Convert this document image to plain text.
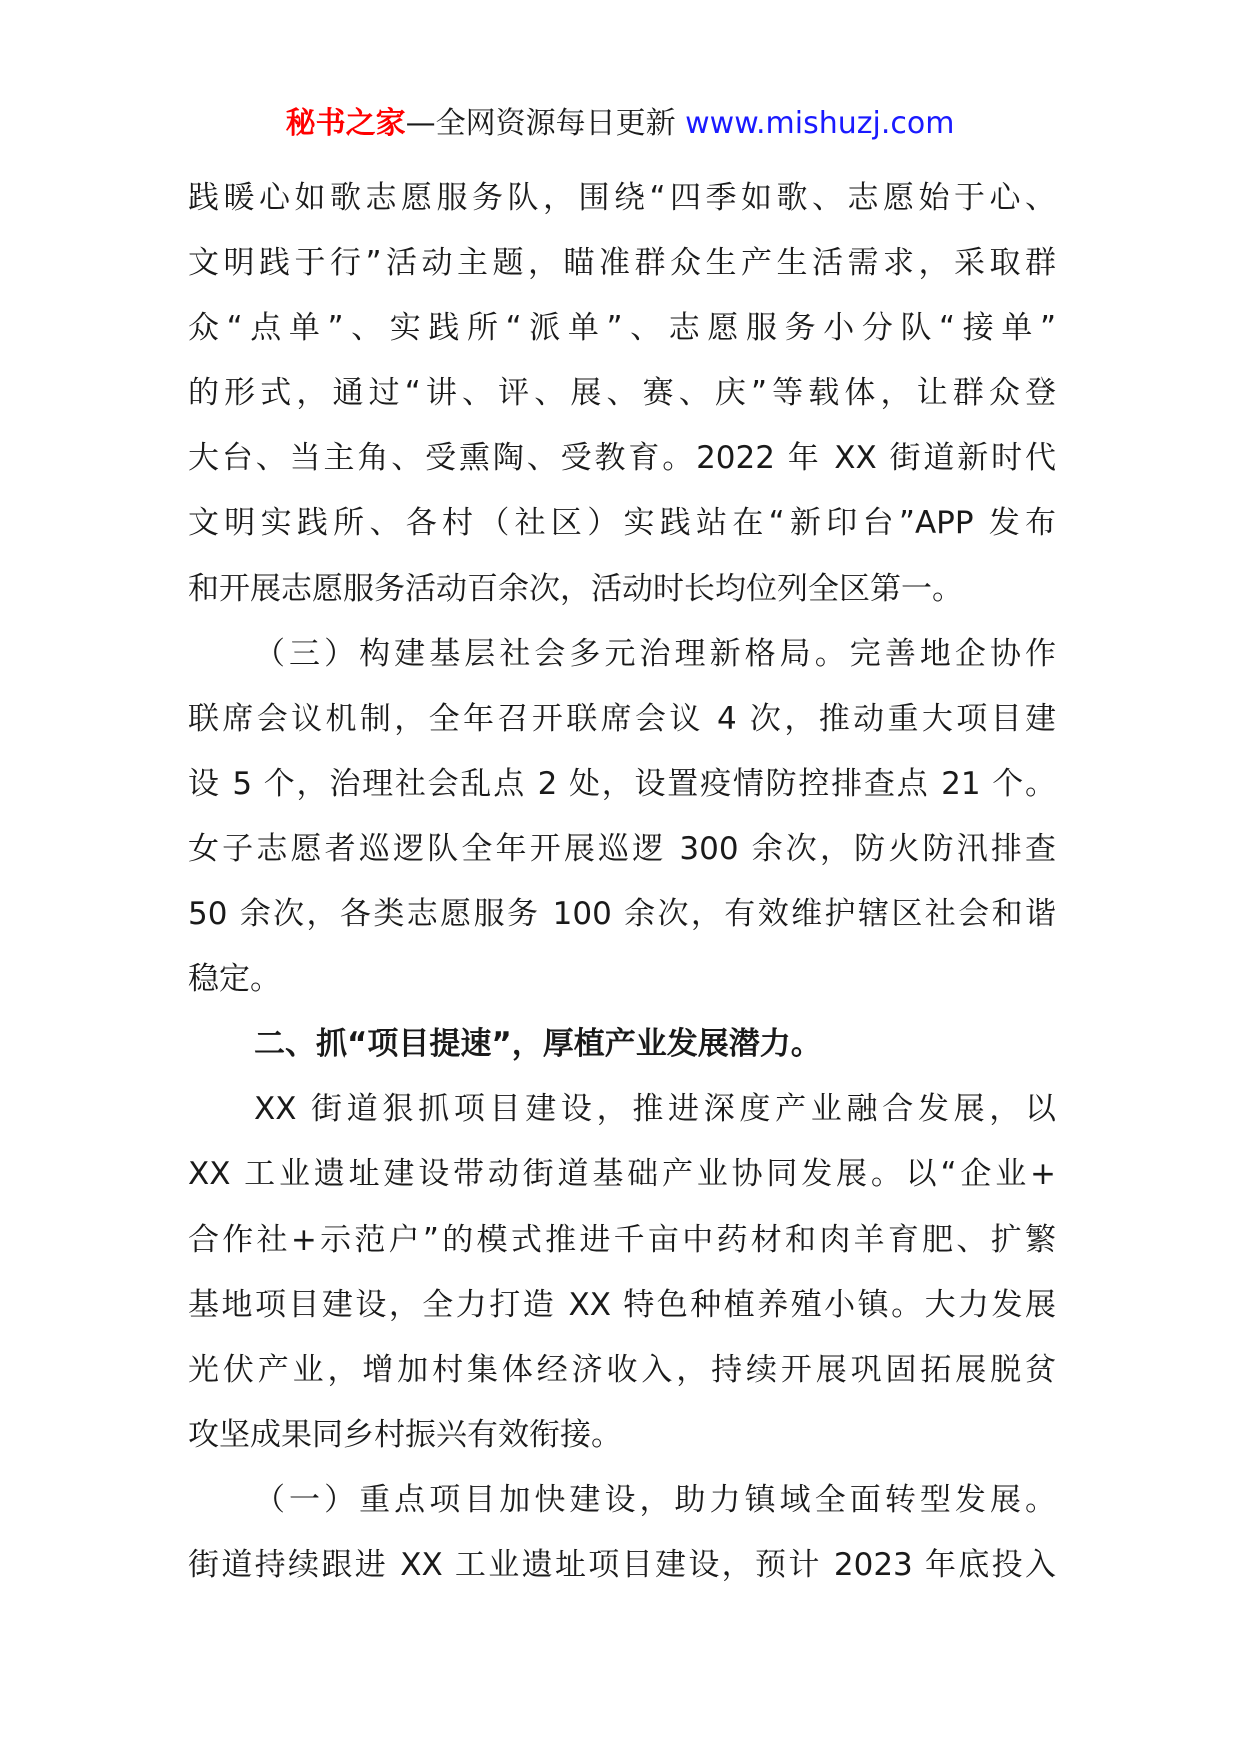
秘书之家—全网资源每日更新 www.mishuzj.com
践暖心如歌志愿服务队，围绕“四季如歌、志愿始于心、
文明践于行”活动主题，瞄准群众生产生活需求，采取群
众“点单”、实践所“派单”、志愿服务小分队“接单”
的形式，通过“讲、评、展、赛、庆”等载体，让群众登
大台、当主角、受熏陶、受教育。2022 年 XX 街道新时代
文明实践所、各村（社区）实践站在“新印台”APP 发布
和开展志愿服务活动百余次，活动时长均位列全区第一。
（三）构建基层社会多元治理新格局。完善地企协作
联席会议机制，全年召开联席会议 4 次，推动重大项目建
设 5 个，治理社会乱点 2 处，设置疫情防控排查点 21 个。
女子志愿者巡逻队全年开展巡逻 300 余次，防火防汛排查
50 余次，各类志愿服务 100 余次，有效维护辖区社会和谐
稳定。
二、抓“项目提速”，厚植产业发展潜力。
XX 街道狠抓项目建设，推进深度产业融合发展，以
XX 工业遗址建设带动街道基础产业协同发展。以“企业+
合作社+示范户”的模式推进千亩中药材和肉羊育肥、扩繁
基地项目建设，全力打造 XX 特色种植养殖小镇。大力发展
光伏产业，增加村集体经济收入，持续开展巩固拓展脱贫
攻坚成果同乡村振兴有效衔接。
（一）重点项目加快建设，助力镇域全面转型发展。
街道持续跟进 XX 工业遗址项目建设，预计 2023 年底投入
